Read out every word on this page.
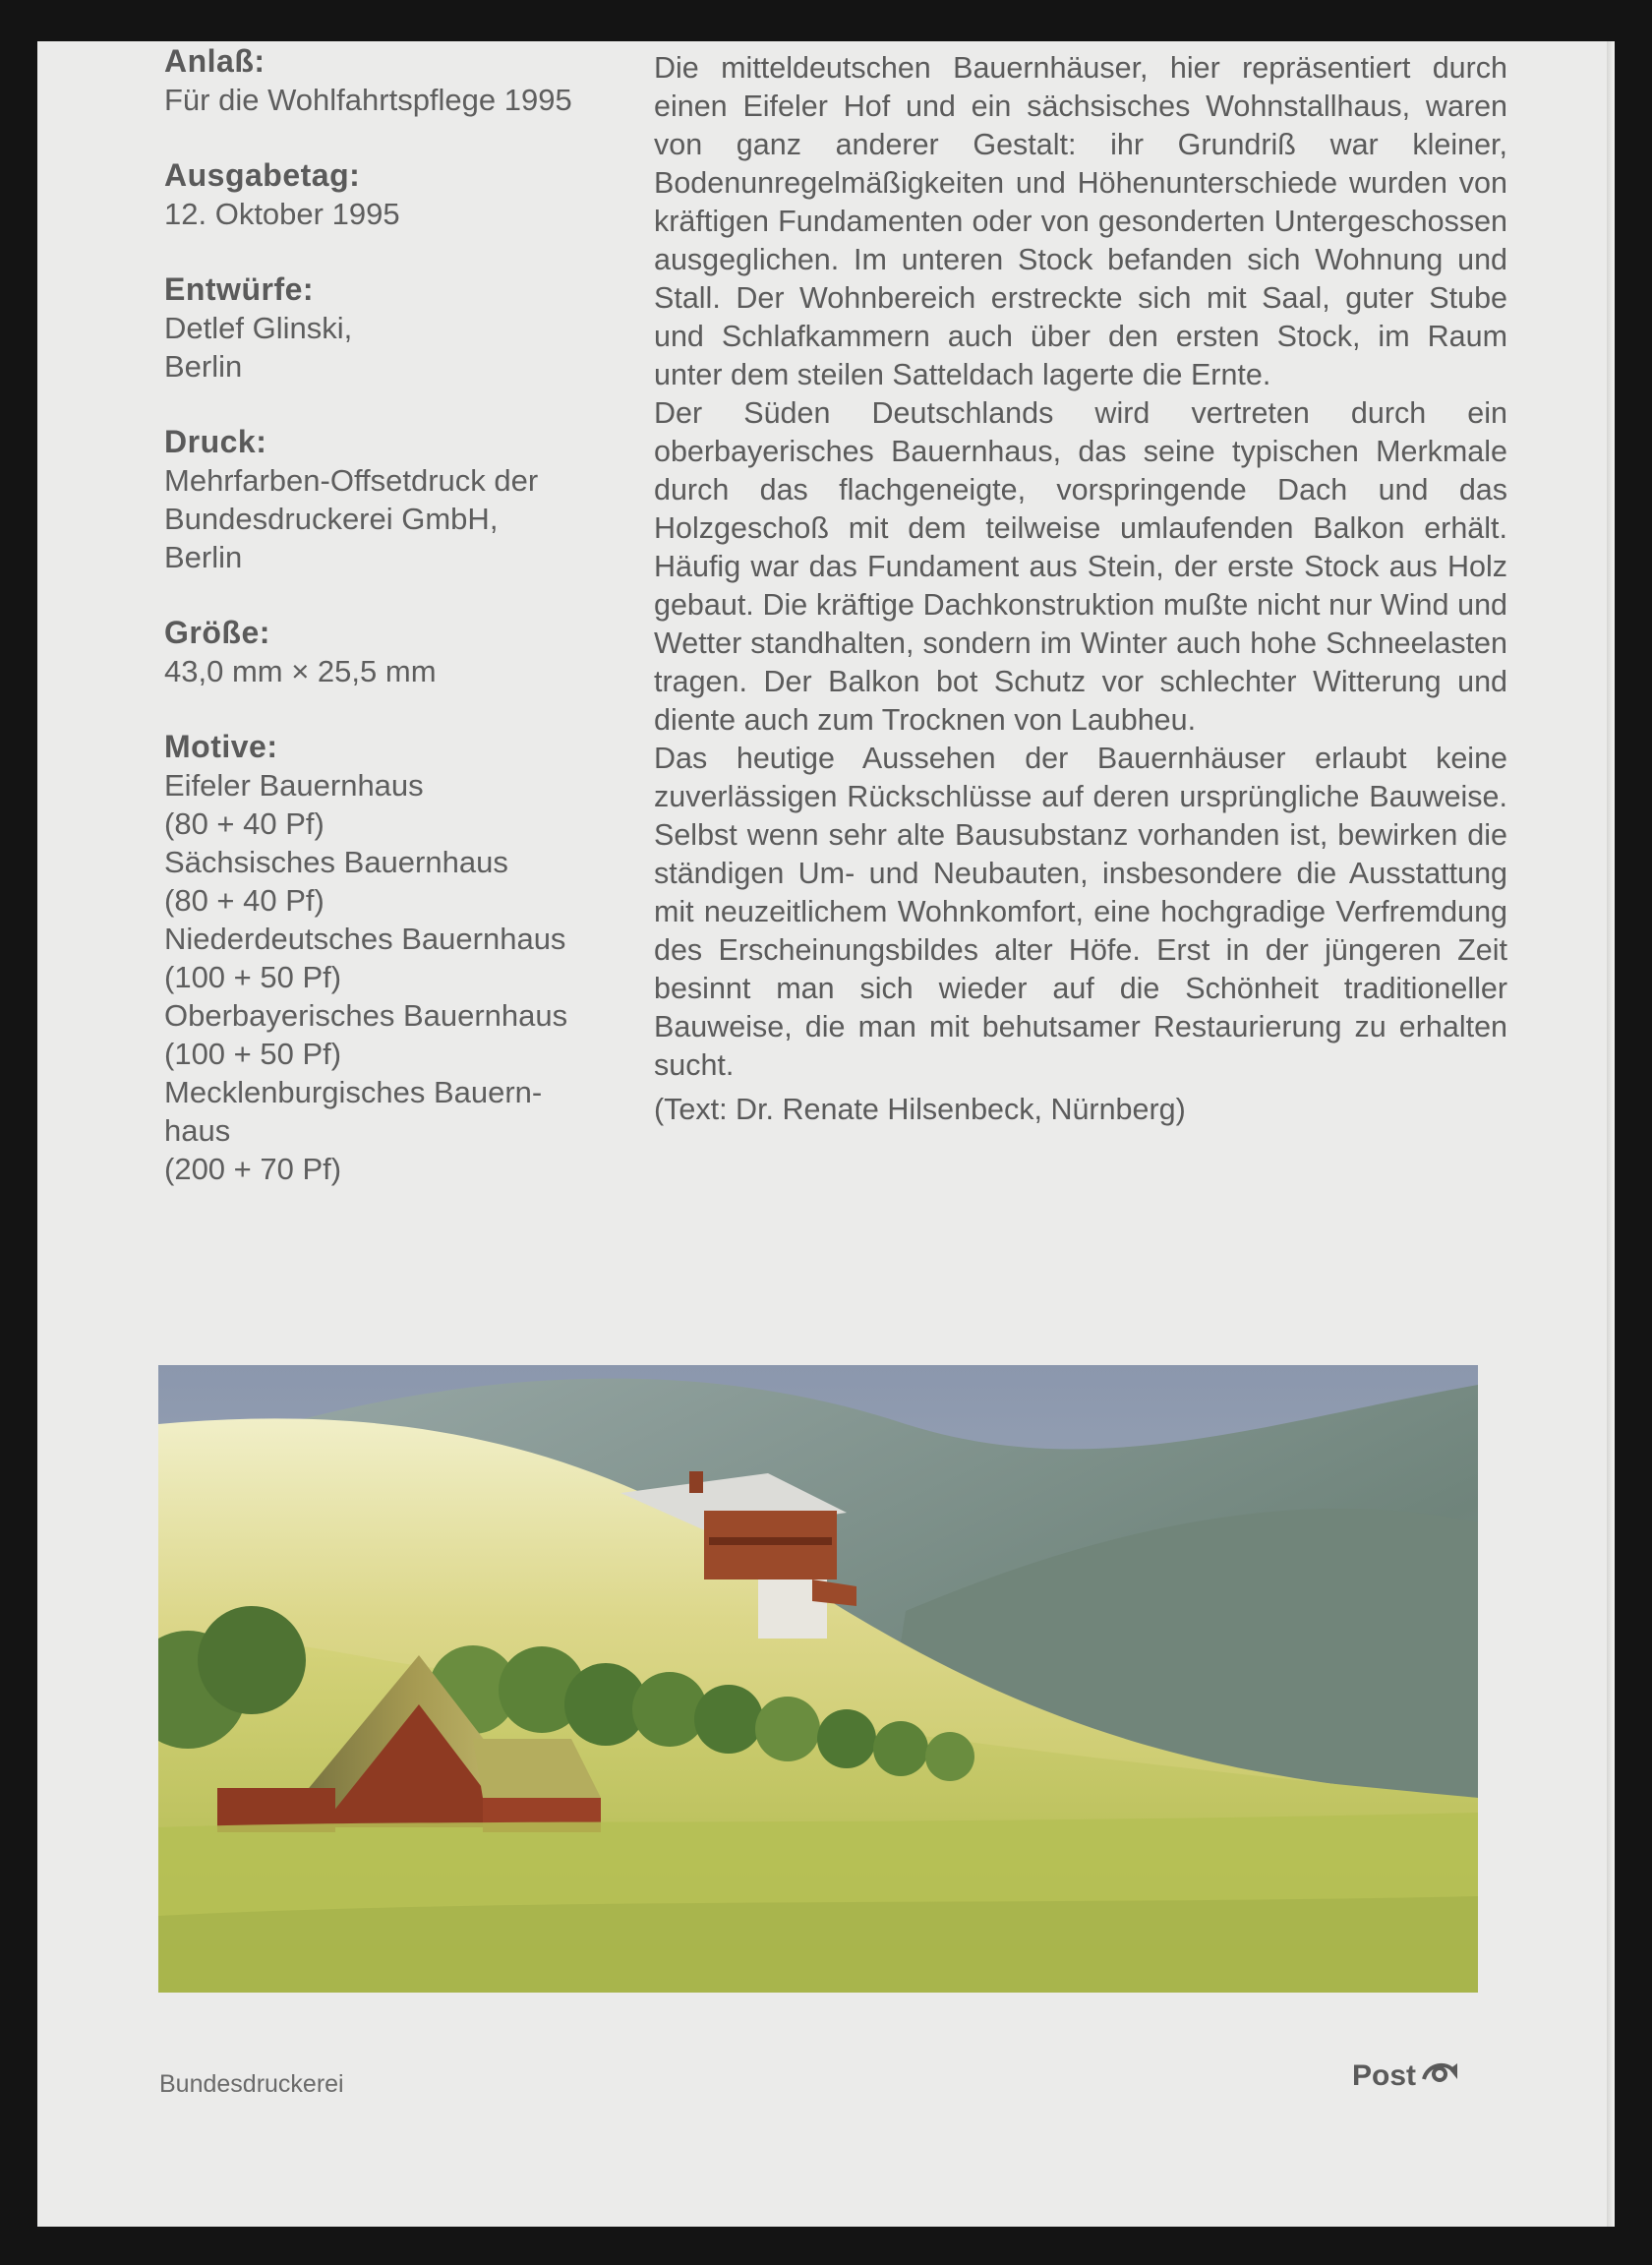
Anlaß:
Für die Wohlfahrtspflege 1995
Ausgabetag:
12. Oktober 1995
Entwürfe:
Detlef Glinski,
Berlin
Druck:
Mehrfarben-Offsetdruck der
Bundesdruckerei GmbH,
Berlin
Größe:
43,0 mm × 25,5 mm
Motive:
Eifeler Bauernhaus
(80 + 40 Pf)
Sächsisches Bauernhaus
(80 + 40 Pf)
Niederdeutsches Bauernhaus
(100 + 50 Pf)
Oberbayerisches Bauernhaus
(100 + 50 Pf)
Mecklenburgisches Bauern-
haus
(200 + 70 Pf)

Die mitteldeutschen Bauernhäuser, hier repräsentiert durch einen Eifeler Hof und ein sächsisches Wohnstallhaus, waren von ganz anderer Gestalt: ihr Grundriß war kleiner, Bodenunregelmäßigkeiten und Höhenunterschiede wurden von kräftigen Fundamenten oder von gesonderten Untergeschossen ausgeglichen. Im unteren Stock befanden sich Wohnung und Stall. Der Wohnbereich erstreckte sich mit Saal, guter Stube und Schlafkammern auch über den ersten Stock, im Raum unter dem steilen Satteldach lagerte die Ernte.

Der Süden Deutschlands wird vertreten durch ein oberbayerisches Bauernhaus, das seine typischen Merkmale durch das flachgeneigte, vorspringende Dach und das Holzgeschoß mit dem teilweise umlaufenden Balkon erhält. Häufig war das Fundament aus Stein, der erste Stock aus Holz gebaut. Die kräftige Dachkonstruktion mußte nicht nur Wind und Wetter standhalten, sondern im Winter auch hohe Schneelasten tragen. Der Balkon bot Schutz vor schlechter Witterung und diente auch zum Trocknen von Laubheu.

Das heutige Aussehen der Bauernhäuser erlaubt keine zuverlässigen Rückschlüsse auf deren ursprüngliche Bauweise. Selbst wenn sehr alte Bausubstanz vorhanden ist, bewirken die ständigen Um- und Neubauten, insbesondere die Ausstattung mit neuzeitlichem Wohnkomfort, eine hochgradige Verfremdung des Erscheinungsbildes alter Höfe. Erst in der jüngeren Zeit besinnt man sich wieder auf die Schönheit traditioneller Bauweise, die man mit behutsamer Restaurierung zu erhalten sucht.

(Text: Dr. Renate Hilsenbeck, Nürnberg)

Bundesdruckerei	Post
